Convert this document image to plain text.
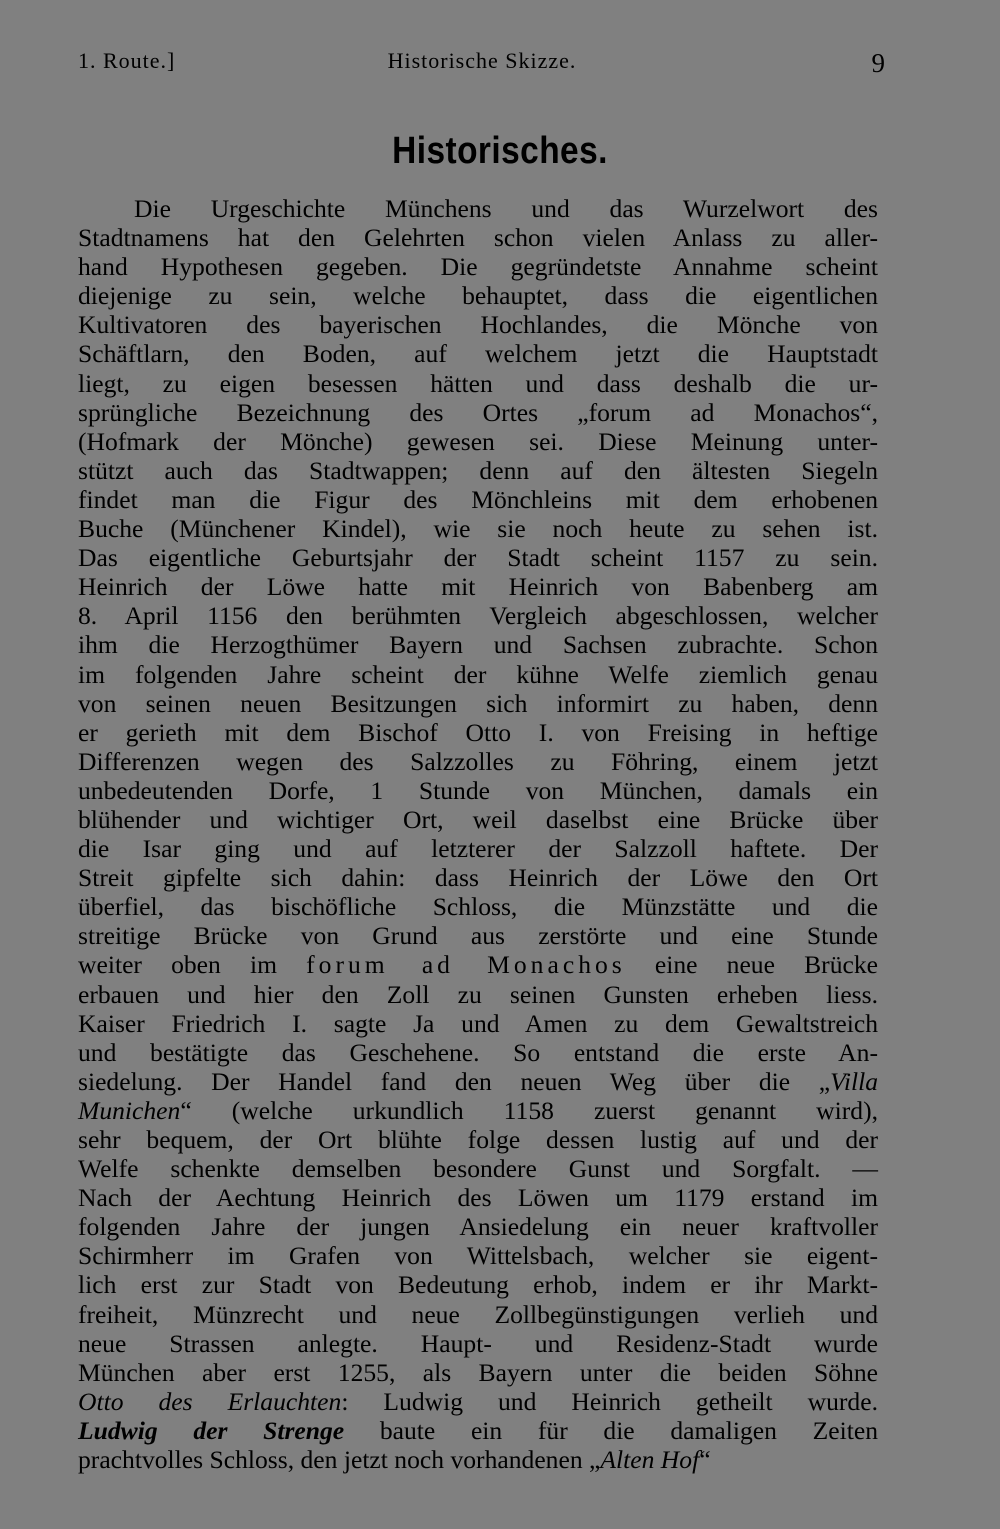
1. Route.]	Historische Skizze.	9
Historisches.
Die Urgeschichte Münchens und das Wurzelwort des
Stadtnamens hat den Gelehrten schon vielen Anlass zu aller-
hand Hypothesen gegeben. Die gegründetste Annahme scheint
diejenige zu sein, welche behauptet, dass die eigentlichen
Kultivatoren des bayerischen Hochlandes, die Mönche von
Schäftlarn, den Boden, auf welchem jetzt die Hauptstadt
liegt, zu eigen besessen hätten und dass deshalb die ur-
sprüngliche Bezeichnung des Ortes „forum ad Monachos“,
(Hofmark der Mönche) gewesen sei. Diese Meinung unter-
stützt auch das Stadtwappen; denn auf den ältesten Siegeln
findet man die Figur des Mönchleins mit dem erhobenen
Buche (Münchener Kindel), wie sie noch heute zu sehen ist.
Das eigentliche Geburtsjahr der Stadt scheint 1157 zu sein.
Heinrich der Löwe hatte mit Heinrich von Babenberg am
8. April 1156 den berühmten Vergleich abgeschlossen, welcher
ihm die Herzogthümer Bayern und Sachsen zubrachte. Schon
im folgenden Jahre scheint der kühne Welfe ziemlich genau
von seinen neuen Besitzungen sich informirt zu haben, denn
er gerieth mit dem Bischof Otto I. von Freising in heftige
Differenzen wegen des Salzzolles zu Föhring, einem jetzt
unbedeutenden Dorfe, 1 Stunde von München, damals ein
blühender und wichtiger Ort, weil daselbst eine Brücke über
die Isar ging und auf letzterer der Salzzoll haftete. Der
Streit gipfelte sich dahin: dass Heinrich der Löwe den Ort
überfiel, das bischöfliche Schloss, die Münzstätte und die
streitige Brücke von Grund aus zerstörte und eine Stunde
weiter oben im forum ad Monachos eine neue Brücke
erbauen und hier den Zoll zu seinen Gunsten erheben liess.
Kaiser Friedrich I. sagte Ja und Amen zu dem Gewaltstreich
und bestätigte das Geschehene. So entstand die erste An-
siedelung. Der Handel fand den neuen Weg über die „Villa
Munichen“ (welche urkundlich 1158 zuerst genannt wird),
sehr bequem, der Ort blühte folge dessen lustig auf und der
Welfe schenkte demselben besondere Gunst und Sorgfalt. —
Nach der Aechtung Heinrich des Löwen um 1179 erstand im
folgenden Jahre der jungen Ansiedelung ein neuer kraftvoller
Schirmherr im Grafen von Wittelsbach, welcher sie eigent-
lich erst zur Stadt von Bedeutung erhob, indem er ihr Markt-
freiheit, Münzrecht und neue Zollbegünstigungen verlieh und
neue Strassen anlegte. Haupt- und Residenz-Stadt wurde
München aber erst 1255, als Bayern unter die beiden Söhne
Otto des Erlauchten: Ludwig und Heinrich getheilt wurde.
Ludwig der Strenge baute ein für die damaligen Zeiten
prachtvolles Schloss, den jetzt noch vorhandenen „Alten Hof“
